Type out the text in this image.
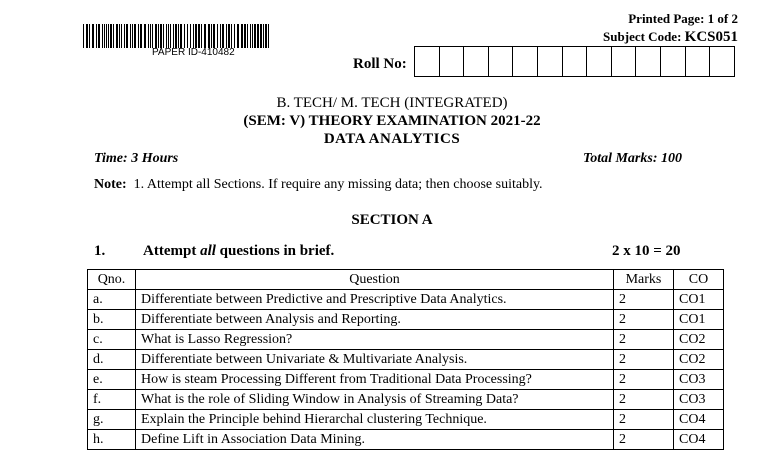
PAPER ID-410482
Printed Page: 1 of 2
Subject Code: KCS051
Roll No:
B. TECH/ M. TECH (INTEGRATED)
(SEM: V) THEORY EXAMINATION 2021-22
DATA ANALYTICS
Time: 3 Hours	Total Marks: 100
Note: 1. Attempt all Sections. If require any missing data; then choose suitably.
SECTION A
1.	Attempt all questions in brief.	2 x 10 = 20
Qno.	Question	Marks	CO
a.	Differentiate between Predictive and Prescriptive Data Analytics.	2	CO1
b.	Differentiate between Analysis and Reporting.	2	CO1
c.	What is Lasso Regression?	2	CO2
d.	Differentiate between Univariate & Multivariate Analysis.	2	CO2
e.	How is steam Processing Different from Traditional Data Processing?	2	CO3
f.	What is the role of Sliding Window in Analysis of Streaming Data?	2	CO3
g.	Explain the Principle behind Hierarchal clustering Technique.	2	CO4
h.	Define Lift in Association Data Mining.	2	CO4
